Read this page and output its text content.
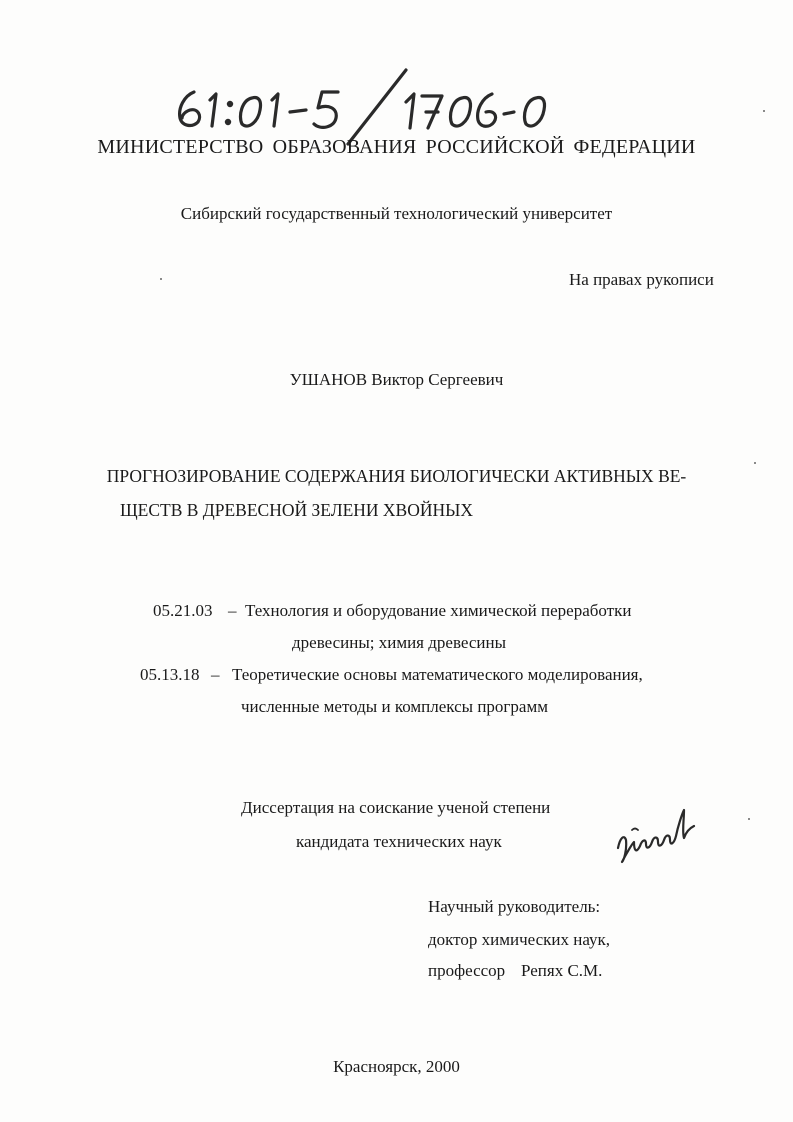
МИНИСТЕРСТВО ОБРАЗОВАНИЯ РОССИЙСКОЙ ФЕДЕРАЦИИ
Сибирский государственный технологический университет
На правах рукописи
УШАНОВ Виктор Сергеевич
ПРОГНОЗИРОВАНИЕ СОДЕРЖАНИЯ БИОЛОГИЧЕСКИ АКТИВНЫХ ВЕ-
ЩЕСТВ В ДРЕВЕСНОЙ ЗЕЛЕНИ ХВОЙНЫХ
05.21.03 – Технология и оборудование химической переработки
древесины; химия древесины
05.13.18 – Теоретические основы математического моделирования,
численные методы и комплексы программ
Диссертация на соискание ученой степени
кандидата технических наук
Научный руководитель:
доктор химических наук,
профессор Репях С.М.
Красноярск, 2000
